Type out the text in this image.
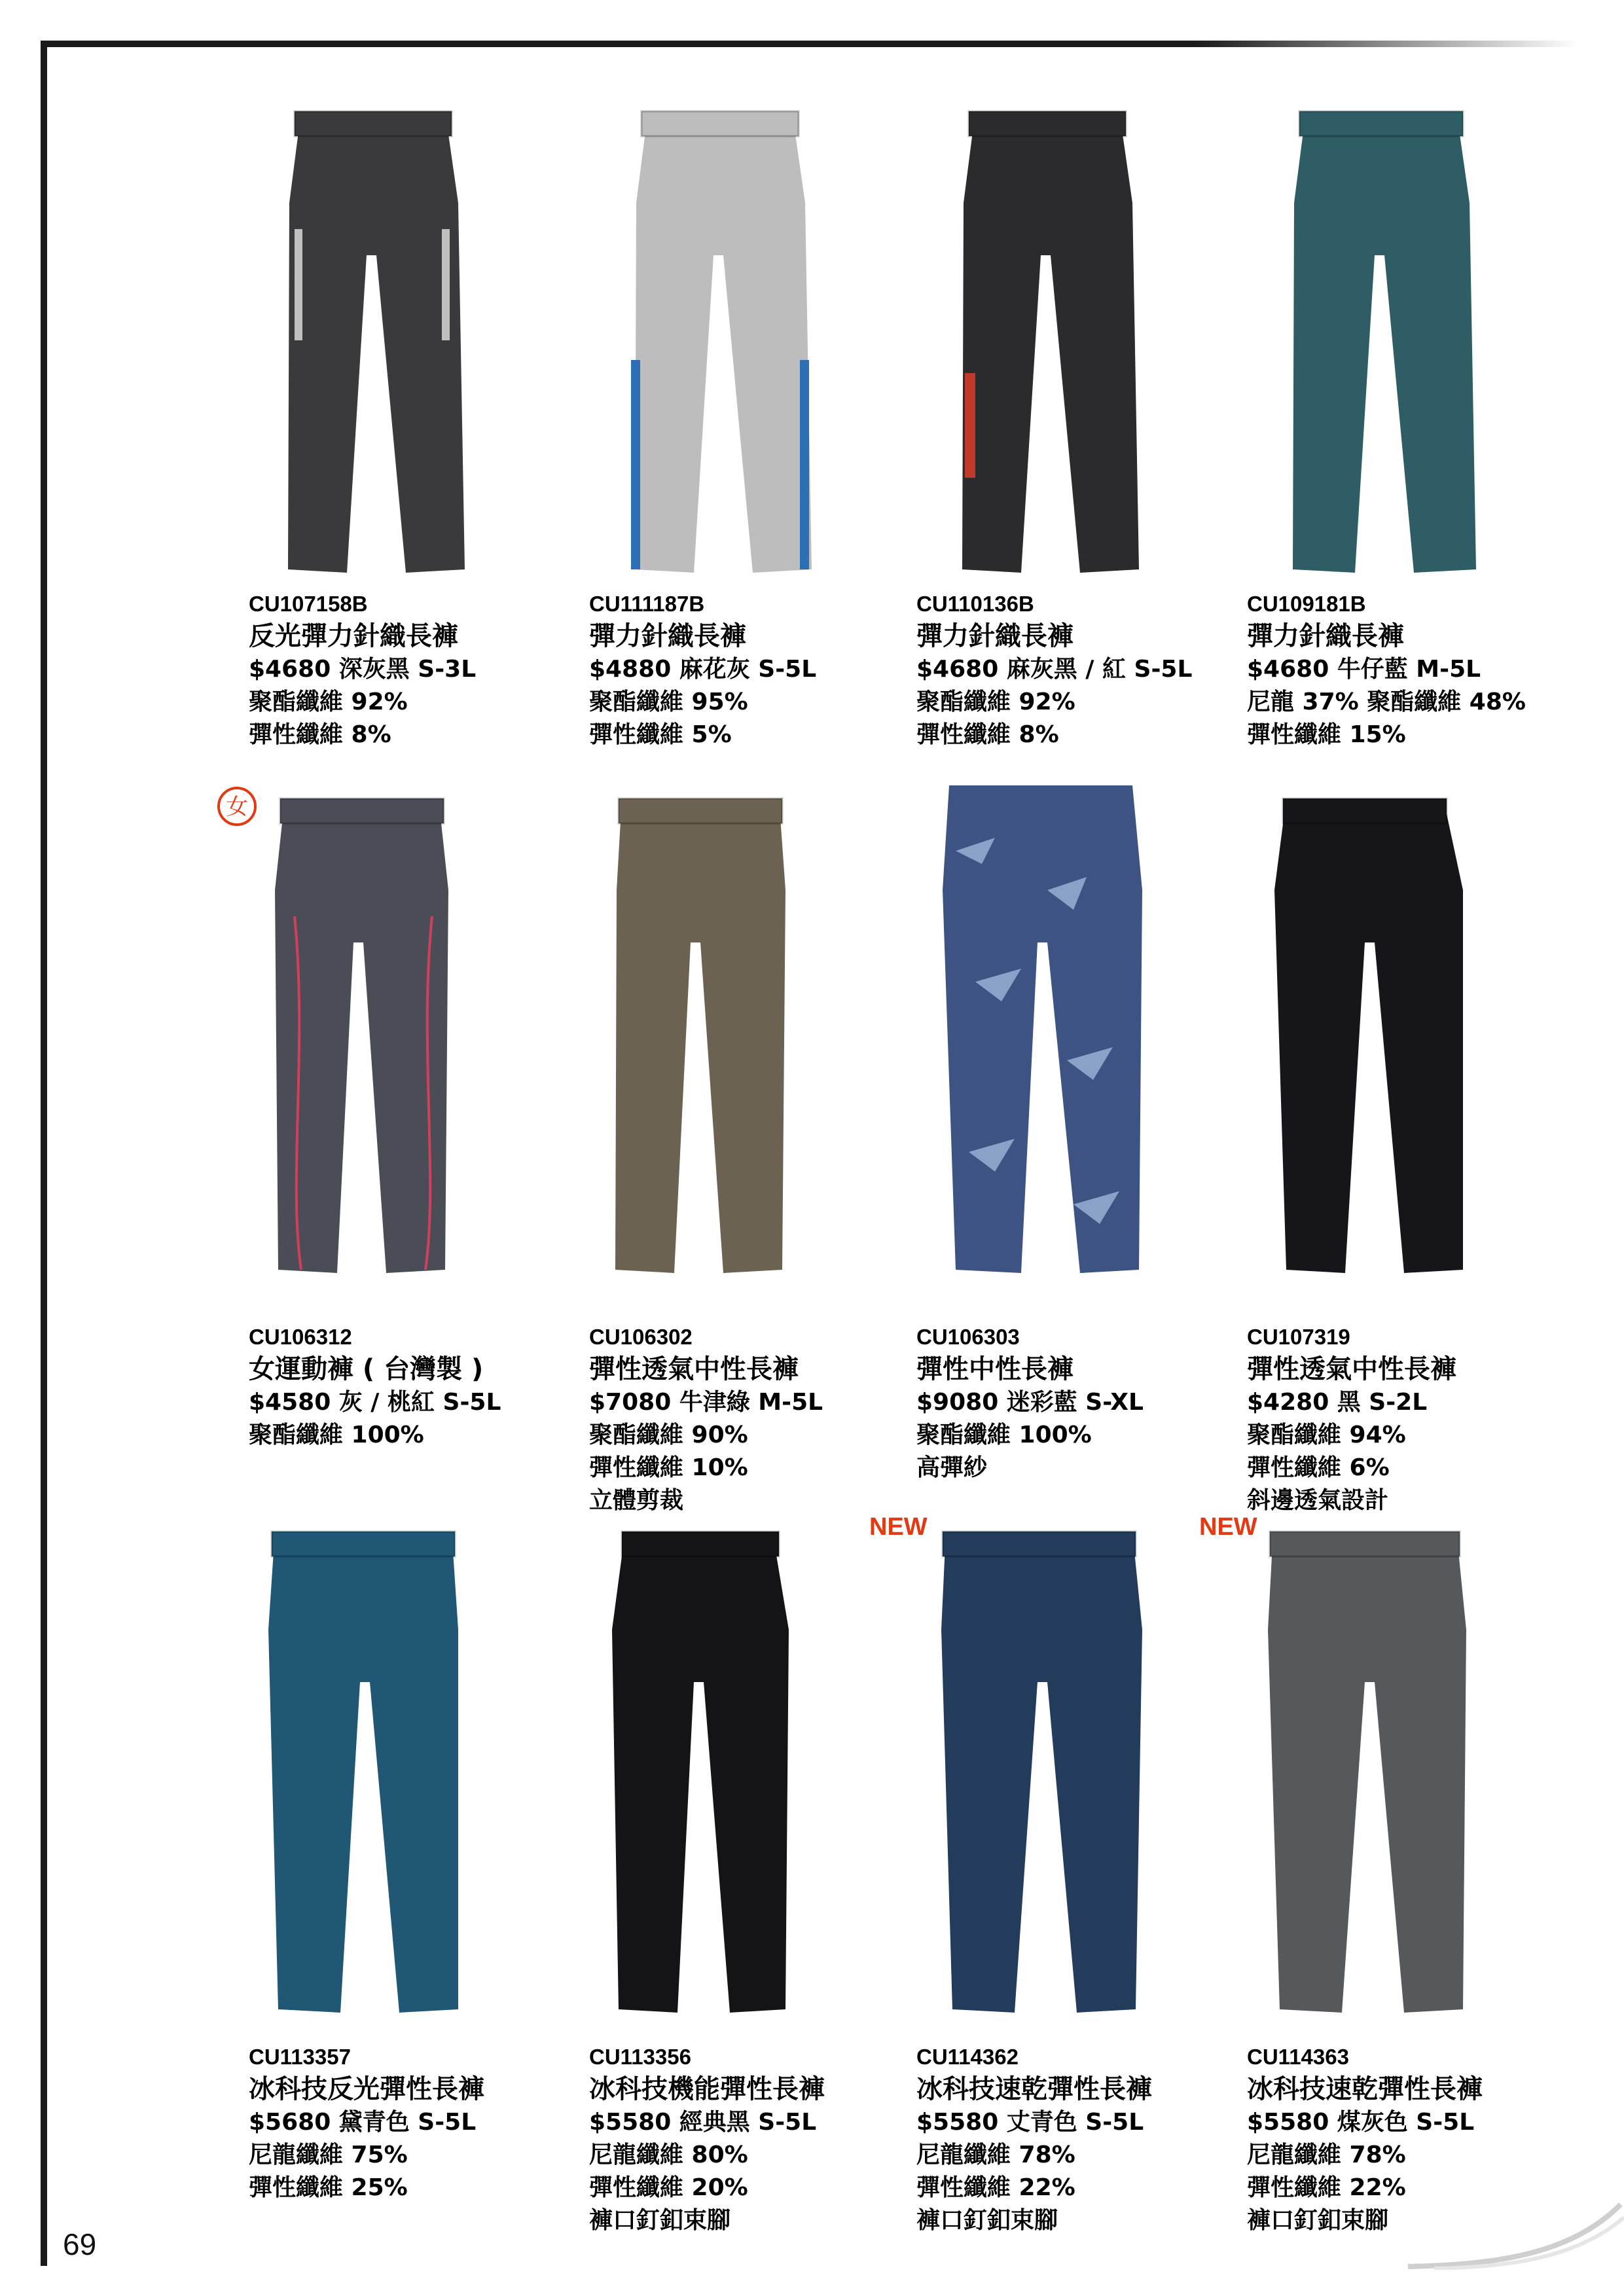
69
女
NEW	NEW
CU107158B
反光彈力針織長褲
$4680 深灰黑 S-3L
聚酯纖維 92%
彈性纖維 8%
CU111187B
彈力針織長褲
$4880 麻花灰 S-5L
聚酯纖維 95%
彈性纖維 5%
CU110136B
彈力針織長褲
$4680 麻灰黑 / 紅 S-5L
聚酯纖維 92%
彈性纖維 8%
CU109181B
彈力針織長褲
$4680 牛仔藍 M-5L
尼龍 37% 聚酯纖維 48%
彈性纖維 15%
CU106312
女運動褲 ( 台灣製 )
$4580 灰 / 桃紅 S-5L
聚酯纖維 100%
CU106302
彈性透氣中性長褲
$7080 牛津綠 M-5L
聚酯纖維 90%
彈性纖維 10%
立體剪裁
CU106303
彈性中性長褲
$9080 迷彩藍 S-XL
聚酯纖維 100%
高彈紗
CU107319
彈性透氣中性長褲
$4280 黑 S-2L
聚酯纖維 94%
彈性纖維 6%
斜邊透氣設計
CU113357
冰科技反光彈性長褲
$5680 黛青色 S-5L
尼龍纖維 75%
彈性纖維 25%
CU113356
冰科技機能彈性長褲
$5580 經典黑 S-5L
尼龍纖維 80%
彈性纖維 20%
褲口釘釦束腳
CU114362
冰科技速乾彈性長褲
$5580 丈青色 S-5L
尼龍纖維 78%
彈性纖維 22%
褲口釘釦束腳
CU114363
冰科技速乾彈性長褲
$5580 煤灰色 S-5L
尼龍纖維 78%
彈性纖維 22%
褲口釘釦束腳
